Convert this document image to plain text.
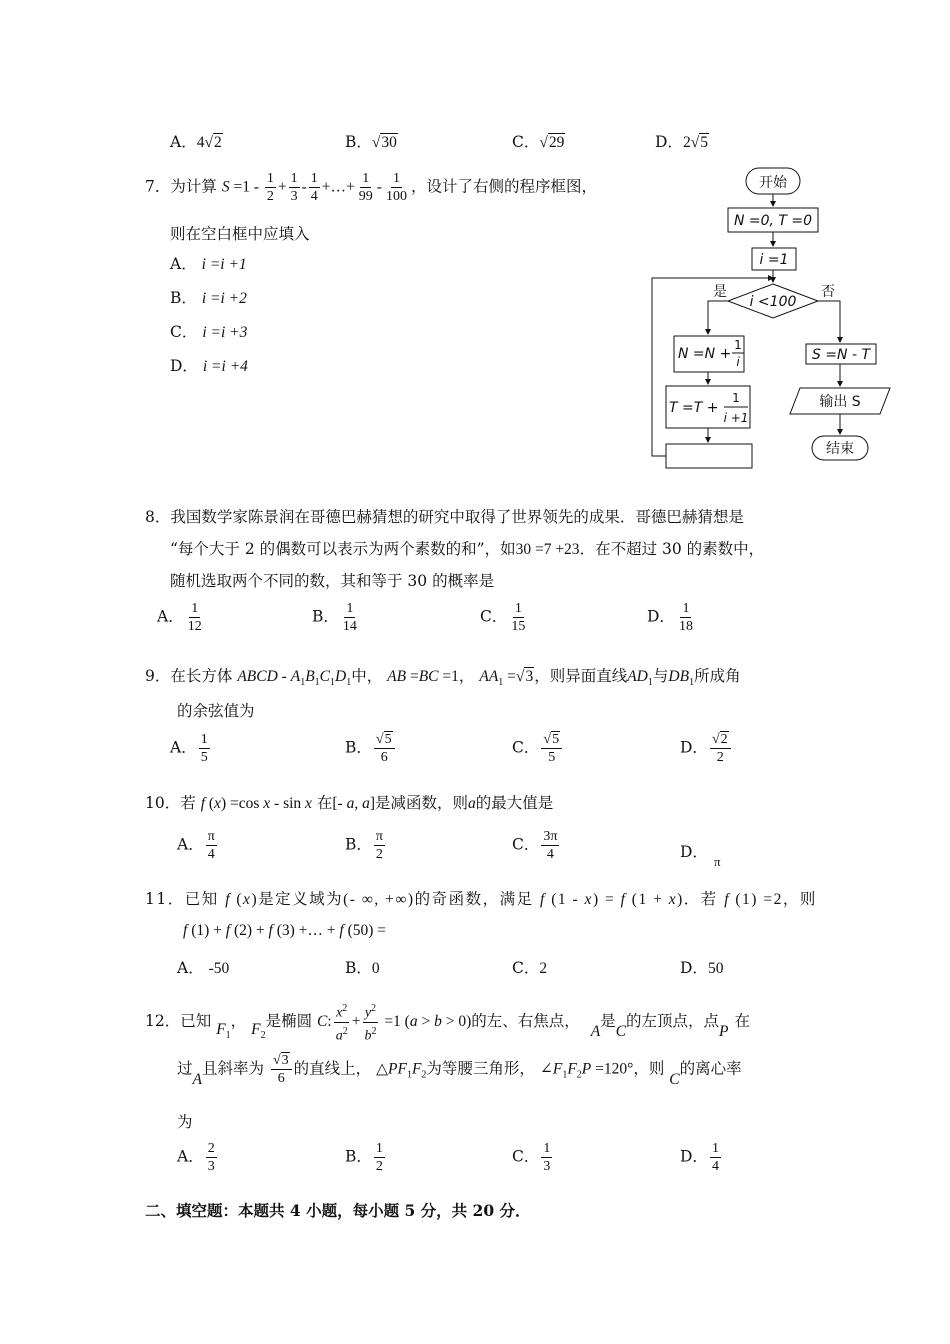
A．4√2	B．√30	C．√29	D．2√5
7．为计算 $S =1 - \frac{1}{2} + \frac{1}{3} - \frac{1}{4}$ +…+ $\frac{1}{99} - \frac{1}{100}$ ，设计了右侧的程序框图，
则在空白框中应填入
A． i =i +1
B． i =i +2
C． i =i +3
D． i =i +4
开始
N =0, T =0
i =1
i <100
是	否
N =N +
1
i
T =T +
1
i +1
S =N - T
输出 S
结束
8．我国数学家陈景润在哥德巴赫猜想的研究中取得了世界领先的成果．哥德巴赫猜想是
“每个大于 2 的偶数可以表示为两个素数的和”，如30 =7 +23．在不超过 30 的素数中，
随机选取两个不同的数，其和等于 30 的概率是
A． $\frac{1}{12}$	B． $\frac{1}{14}$	C． $\frac{1}{15}$	D． $\frac{1}{18}$
9．在长方体 ABCD - $A_1B_1C_1D_1$中， AB =BC =1， $AA_1 =√3$，则异面直线$AD_1$与$DB_1$所成角
的余弦值为
A． $\frac{1}{5}$	B． $\frac{√5}{6}$	C． $\frac{√5}{5}$	D． $\frac{√2}{2}$
10．若 f (x) =cos x - sin x 在[- a, a]是减函数，则a的最大值是
A． $\frac{\pi}{4}$	B． $\frac{\pi}{2}$	C． $\frac{3\pi}{4}$	D．$_\pi$
11．已知 f (x)是定义域为(- ∞, +∞)的奇函数，满足 f (1 - x) = f (1 + x)．若 f (1) =2，则
f (1) + f (2) + f (3) +… + f (50) =
A． -50	B．0	C．2	D．50
12．已知 $F_1$， $F_2$是椭圆 C: $\frac{x^2}{a^2} + \frac{y^2}{b^2} =1$ (a > b > 0)的左、右焦点， A是C的左顶点，点P在
过A且斜率为 $\frac{√3}{6}$ 的直线上， $\triangle PF_1F_2$为等腰三角形， $\angle F_1F_2P =120^\circ$，则 C的离心率
为
A． $\frac{2}{3}$	B． $\frac{1}{2}$	C． $\frac{1}{3}$	D． $\frac{1}{4}$
二、填空题：本题共 4 小题，每小题 5 分，共 20 分．
